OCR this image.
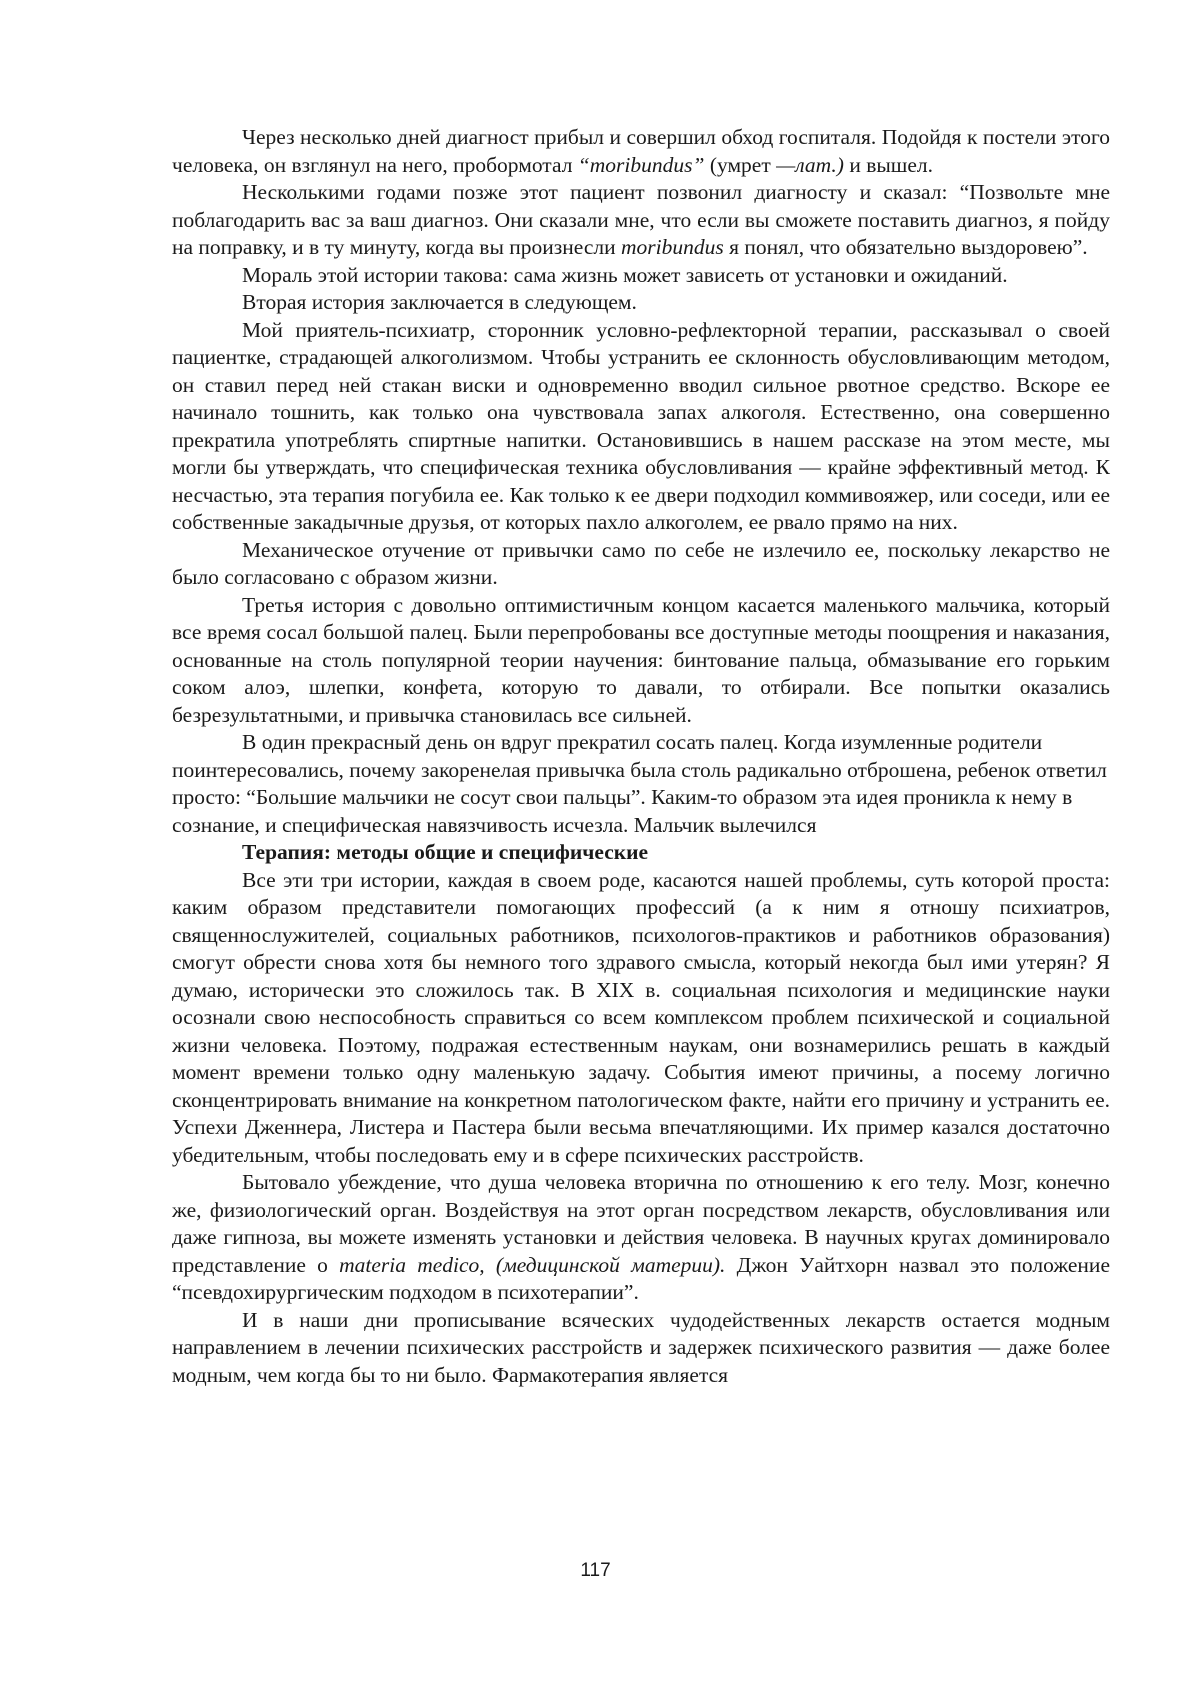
Через несколько дней диагност прибыл и совершил обход госпиталя. Подойдя к постели этого человека, он взглянул на него, пробормотал “moribundus” (умрет —лат.) и вышел.

Несколькими годами позже этот пациент позвонил диагносту и сказал: “Позвольте мне поблагодарить вас за ваш диагноз. Они сказали мне, что если вы сможете поставить диагноз, я пойду на поправку, и в ту минуту, когда вы произнесли moribundus я понял, что обязательно выздоровею”.

Мораль этой истории такова: сама жизнь может зависеть от установки и ожиданий.

Вторая история заключается в следующем.

Мой приятель-психиатр, сторонник условно-рефлекторной терапии, рассказывал о своей пациентке, страдающей алкоголизмом. Чтобы устранить ее склонность обусловливающим методом, он ставил перед ней стакан виски и одновременно вводил сильное рвотное средство. Вскоре ее начинало тошнить, как только она чувствовала запах алкоголя. Естественно, она совершенно прекратила употреблять спиртные напитки. Остановившись в нашем рассказе на этом месте, мы могли бы утверждать, что специфическая техника обусловливания — крайне эффективный метод. К несчастью, эта терапия погубила ее. Как только к ее двери подходил коммивояжер, или соседи, или ее собственные закадычные друзья, от которых пахло алкоголем, ее рвало прямо на них.

Механическое отучение от привычки само по себе не излечило ее, поскольку лекарство не было согласовано с образом жизни.

Третья история с довольно оптимистичным концом касается маленького мальчика, который все время сосал большой палец. Были перепробованы все доступные методы поощрения и наказания, основанные на столь популярной теории научения: бинтование пальца, обмазывание его горьким соком алоэ, шлепки, конфета, которую то давали, то отбирали. Все попытки оказались безрезультатными, и привычка становилась все сильней.

В один прекрасный день он вдруг прекратил сосать палец. Когда изумленные родители поинтересовались, почему закоренелая привычка была столь радикально отброшена, ребенок ответил просто: “Большие мальчики не сосут свои пальцы”. Каким-то образом эта идея проникла к нему в сознание, и специфическая навязчивость исчезла. Мальчик вылечился

Терапия: методы общие и специфические

Все эти три истории, каждая в своем роде, касаются нашей проблемы, суть которой проста: каким образом представители помогающих профессий (а к ним я отношу психиатров, священнослужителей, социальных работников, психологов-практиков и работников образования) смогут обрести снова хотя бы немного того здравого смысла, который некогда был ими утерян? Я думаю, исторически это сложилось так. В XIX в. социальная психология и медицинские науки осознали свою неспособность справиться со всем комплексом проблем психической и социальной жизни человека. Поэтому, подражая естественным наукам, они вознамерились решать в каждый момент времени только одну маленькую задачу. События имеют причины, а посему логично сконцентрировать внимание на конкретном патологическом факте, найти его причину и устранить ее. Успехи Дженнера, Листера и Пастера были весьма впечатляющими. Их пример казался достаточно убедительным, чтобы последовать ему и в сфере психических расстройств.

Бытовало убеждение, что душа человека вторична по отношению к его телу. Мозг, конечно же, физиологический орган. Воздействуя на этот орган посредством лекарств, обусловливания или даже гипноза, вы можете изменять установки и действия человека. В научных кругах доминировало представление о materia medico, (медицинской материи). Джон Уайтхорн назвал это положение “псевдохирургическим подходом в психотерапии”.

И в наши дни прописывание всяческих чудодейственных лекарств остается модным направлением в лечении психических расстройств и задержек психического развития — даже более модным, чем когда бы то ни было. Фармакотерапия является

117
